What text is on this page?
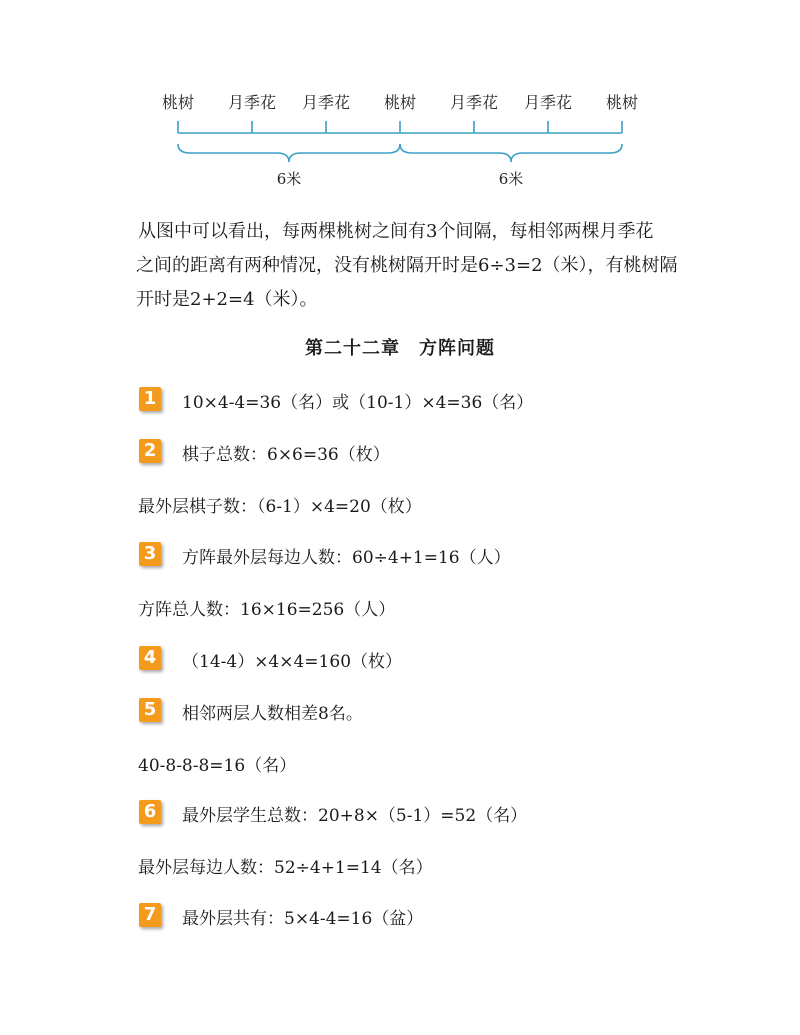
桃树 月季花 月季花 桃树 月季花 月季花 桃树
6米	6米

从图中可以看出，每两棵桃树之间有3个间隔，每相邻两棵月季花

之间的距离有两种情况，没有桃树隔开时是6÷3=2（米），有桃树隔

开时是2+2=4（米）。

第二十二章　方阵问题
1 10×4-4=36（名）或（10-1）×4=36（名）
2 棋子总数：6×6=36（枚）
最外层棋子数：（6-1）×4=20（枚）
3 方阵最外层每边人数：60÷4+1=16（人）
方阵总人数：16×16=256（人）
4 （14-4）×4×4=160（枚）
5 相邻两层人数相差8名。
40-8-8-8=16（名）
6 最外层学生总数：20+8×（5-1）=52（名）
最外层每边人数：52÷4+1=14（名）
7 最外层共有：5×4-4=16（盆）
